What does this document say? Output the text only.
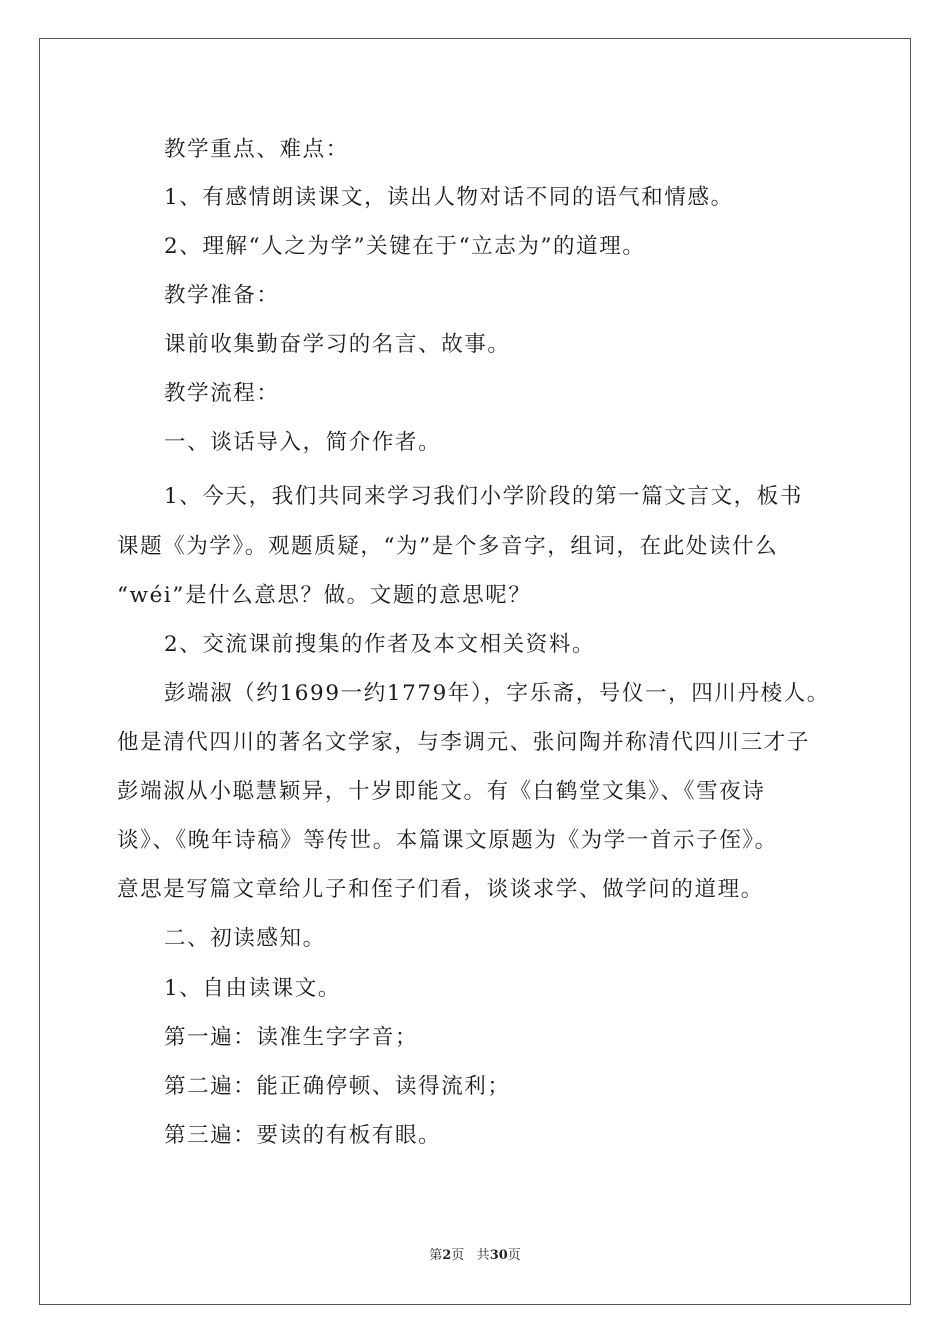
教学重点、难点：
1、有感情朗读课文，读出人物对话不同的语气和情感。
2、理解“人之为学”关键在于“立志为”的道理。
教学准备：
课前收集勤奋学习的名言、故事。
教学流程：
一、谈话导入，简介作者。
1、今天，我们共同来学习我们小学阶段的第一篇文言文，板书
课题《为学》。观题质疑，“为”是个多音字，组词，在此处读什么
“wéi”是什么意思？做。文题的意思呢？
2、交流课前搜集的作者及本文相关资料。
彭端淑（约1699一约1779年），字乐斋，号仪一，四川丹棱人。
他是清代四川的著名文学家，与李调元、张问陶并称清代四川三才子
彭端淑从小聪慧颖异，十岁即能文。有《白鹤堂文集》、《雪夜诗
谈》、《晚年诗稿》等传世。本篇课文原题为《为学一首示子侄》。
意思是写篇文章给儿子和侄子们看，谈谈求学、做学问的道理。
二、初读感知。
1、自由读课文。
第一遍：读准生字字音；
第二遍：能正确停顿、读得流利；
第三遍：要读的有板有眼。
第2页 共30页
